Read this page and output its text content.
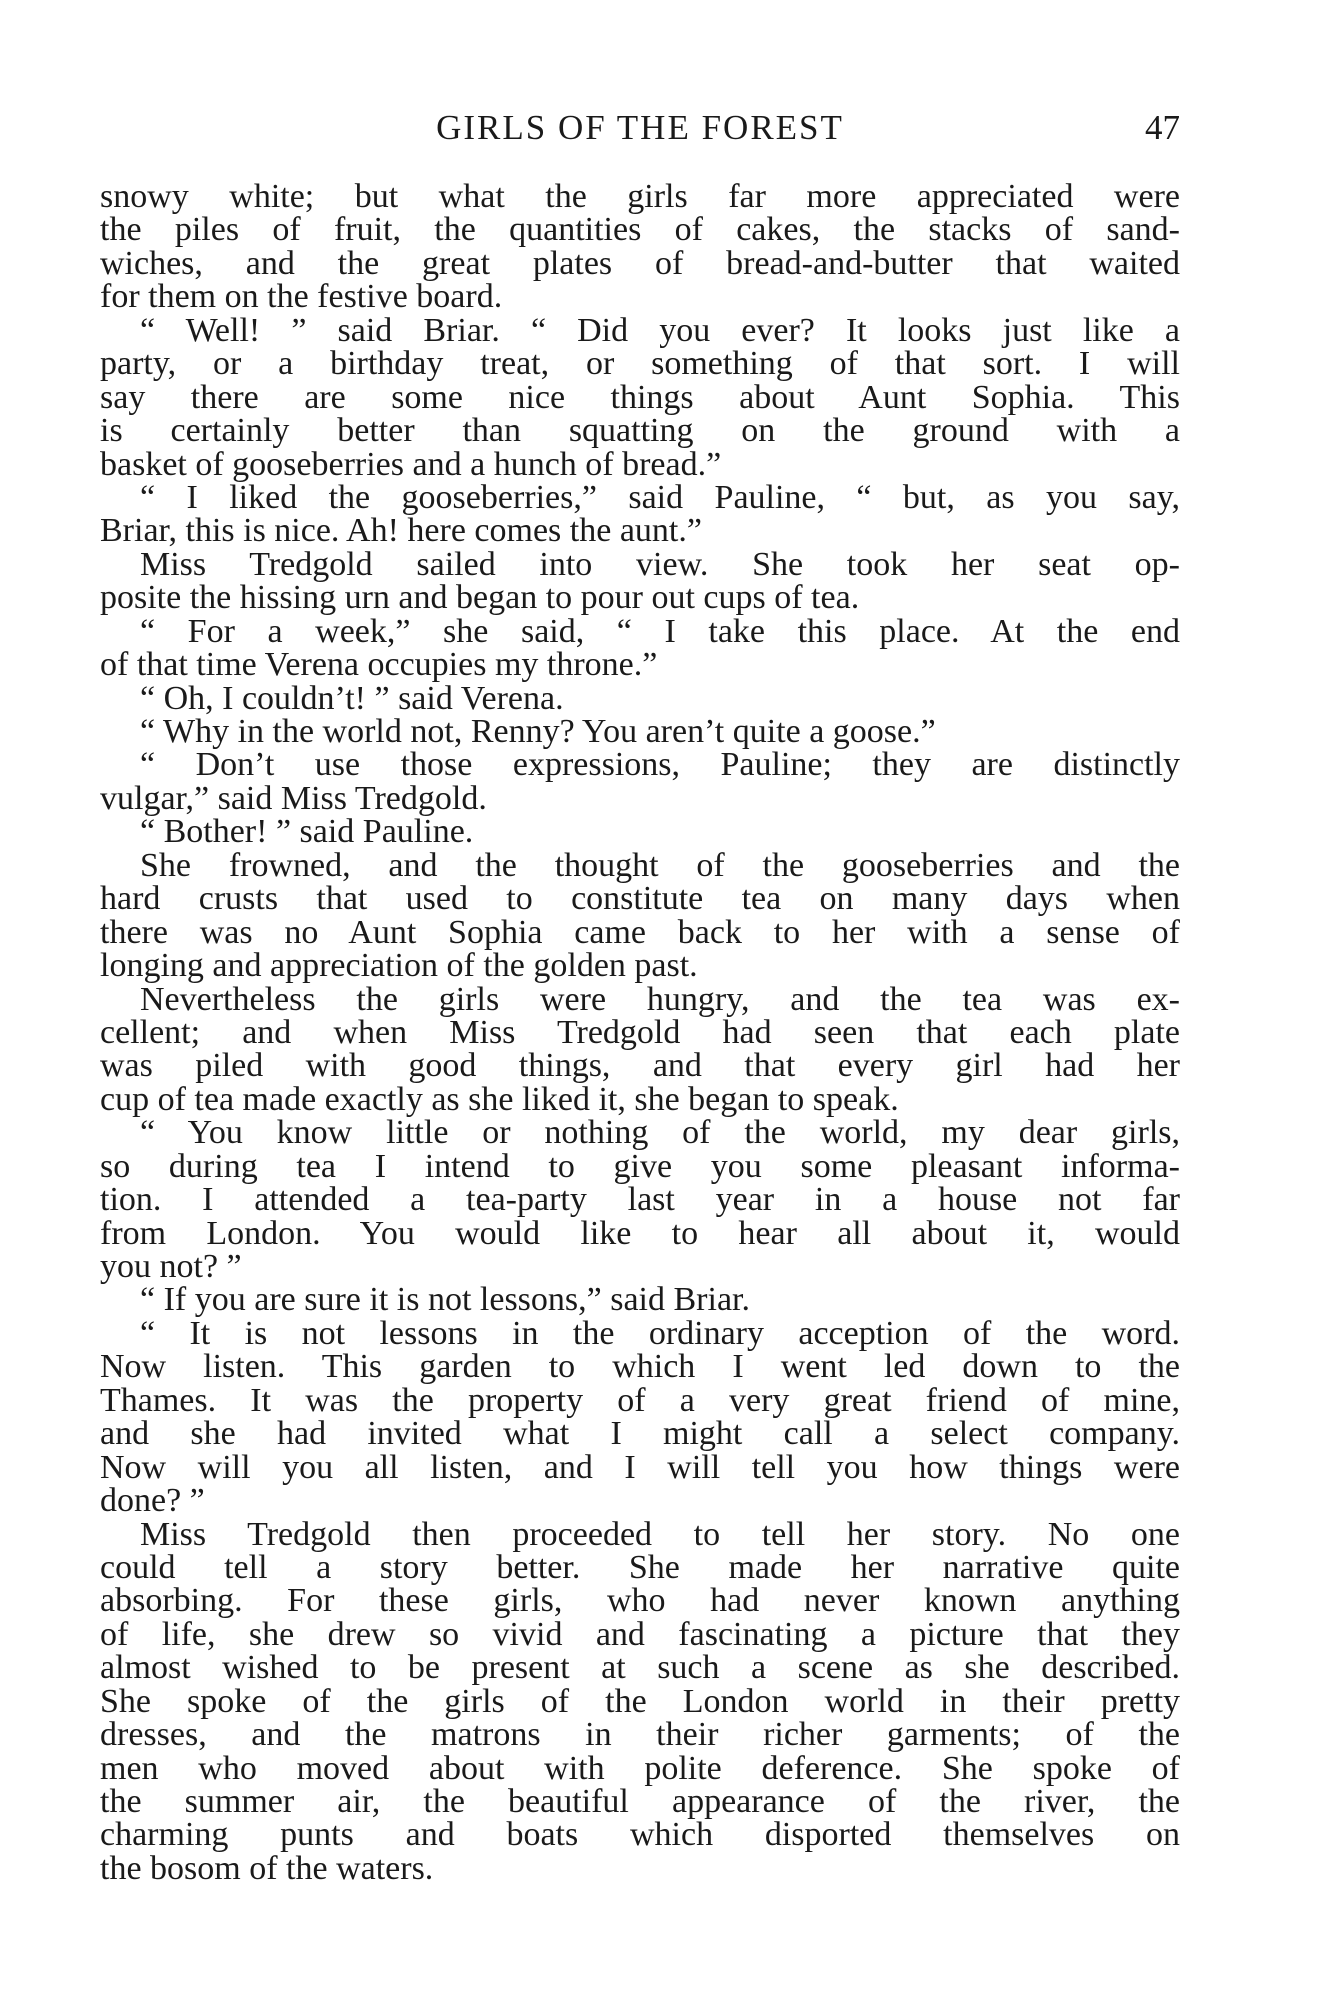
GIRLS OF THE FOREST	47
snowy white; but what the girls far more appreciated were
the piles of fruit, the quantities of cakes, the stacks of sand-
wiches, and the great plates of bread-and-butter that waited
for them on the festive board.
“ Well! ” said Briar. “ Did you ever? It looks just like a
party, or a birthday treat, or something of that sort. I will
say there are some nice things about Aunt Sophia. This
is certainly better than squatting on the ground with a
basket of gooseberries and a hunch of bread.”
“ I liked the gooseberries,” said Pauline, “ but, as you say,
Briar, this is nice. Ah! here comes the aunt.”
Miss Tredgold sailed into view. She took her seat op-
posite the hissing urn and began to pour out cups of tea.
“ For a week,” she said, “ I take this place. At the end
of that time Verena occupies my throne.”
“ Oh, I couldn’t! ” said Verena.
“ Why in the world not, Renny? You aren’t quite a goose.”
“ Don’t use those expressions, Pauline; they are distinctly
vulgar,” said Miss Tredgold.
“ Bother! ” said Pauline.
She frowned, and the thought of the gooseberries and the
hard crusts that used to constitute tea on many days when
there was no Aunt Sophia came back to her with a sense of
longing and appreciation of the golden past.
Nevertheless the girls were hungry, and the tea was ex-
cellent; and when Miss Tredgold had seen that each plate
was piled with good things, and that every girl had her
cup of tea made exactly as she liked it, she began to speak.
“ You know little or nothing of the world, my dear girls,
so during tea I intend to give you some pleasant informa-
tion. I attended a tea-party last year in a house not far
from London. You would like to hear all about it, would
you not? ”
“ If you are sure it is not lessons,” said Briar.
“ It is not lessons in the ordinary acception of the word.
Now listen. This garden to which I went led down to the
Thames. It was the property of a very great friend of mine,
and she had invited what I might call a select company.
Now will you all listen, and I will tell you how things were
done? ”
Miss Tredgold then proceeded to tell her story. No one
could tell a story better. She made her narrative quite
absorbing. For these girls, who had never known anything
of life, she drew so vivid and fascinating a picture that they
almost wished to be present at such a scene as she described.
She spoke of the girls of the London world in their pretty
dresses, and the matrons in their richer garments; of the
men who moved about with polite deference. She spoke of
the summer air, the beautiful appearance of the river, the
charming punts and boats which disported themselves on
the bosom of the waters.
